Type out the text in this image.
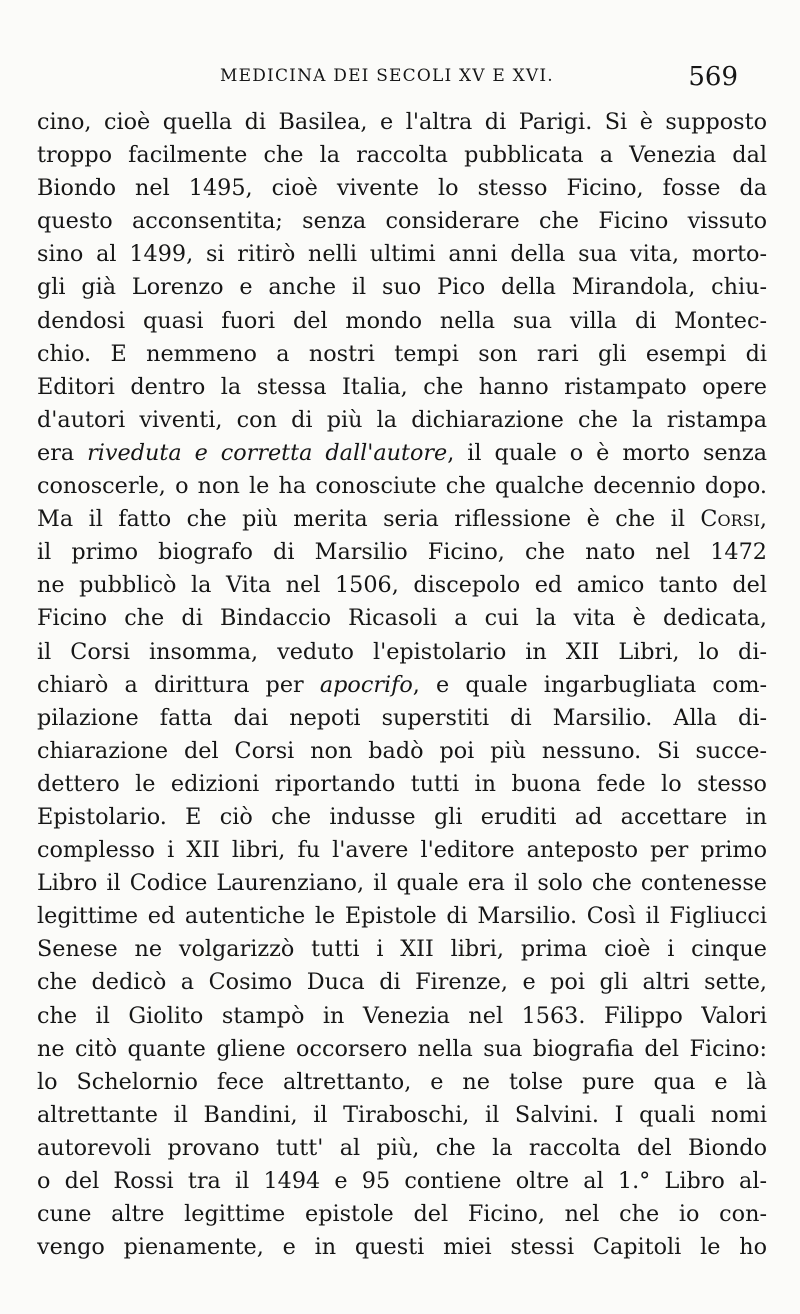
MEDICINA DEI SECOLI XV E XVI.	569
cino, cioè quella di Basilea, e l'altra di Parigi. Si è supposto
troppo facilmente che la raccolta pubblicata a Venezia dal
Biondo nel 1495, cioè vivente lo stesso Ficino, fosse da
questo acconsentita; senza considerare che Ficino vissuto
sino al 1499, si ritirò nelli ultimi anni della sua vita, morto-
gli già Lorenzo e anche il suo Pico della Mirandola, chiu-
dendosi quasi fuori del mondo nella sua villa di Montec-
chio. E nemmeno a nostri tempi son rari gli esempi di
Editori dentro la stessa Italia, che hanno ristampato opere
d'autori viventi, con di più la dichiarazione che la ristampa
era riveduta e corretta dall'autore, il quale o è morto senza
conoscerle, o non le ha conosciute che qualche decennio dopo.
Ma il fatto che più merita seria riflessione è che il Corsi,
il primo biografo di Marsilio Ficino, che nato nel 1472
ne pubblicò la Vita nel 1506, discepolo ed amico tanto del
Ficino che di Bindaccio Ricasoli a cui la vita è dedicata,
il Corsi insomma, veduto l'epistolario in XII Libri, lo di-
chiarò a dirittura per apocrifo, e quale ingarbugliata com-
pilazione fatta dai nepoti superstiti di Marsilio. Alla di-
chiarazione del Corsi non badò poi più nessuno. Si succe-
dettero le edizioni riportando tutti in buona fede lo stesso
Epistolario. E ciò che indusse gli eruditi ad accettare in
complesso i XII libri, fu l'avere l'editore anteposto per primo
Libro il Codice Laurenziano, il quale era il solo che contenesse
legittime ed autentiche le Epistole di Marsilio. Così il Figliucci
Senese ne volgarizzò tutti i XII libri, prima cioè i cinque
che dedicò a Cosimo Duca di Firenze, e poi gli altri sette,
che il Giolito stampò in Venezia nel 1563. Filippo Valori
ne citò quante gliene occorsero nella sua biografia del Ficino:
lo Schelornio fece altrettanto, e ne tolse pure qua e là
altrettante il Bandini, il Tiraboschi, il Salvini. I quali nomi
autorevoli provano tutt' al più, che la raccolta del Biondo
o del Rossi tra il 1494 e 95 contiene oltre al 1.° Libro al-
cune altre legittime epistole del Ficino, nel che io con-
vengo pienamente, e in questi miei stessi Capitoli le ho
